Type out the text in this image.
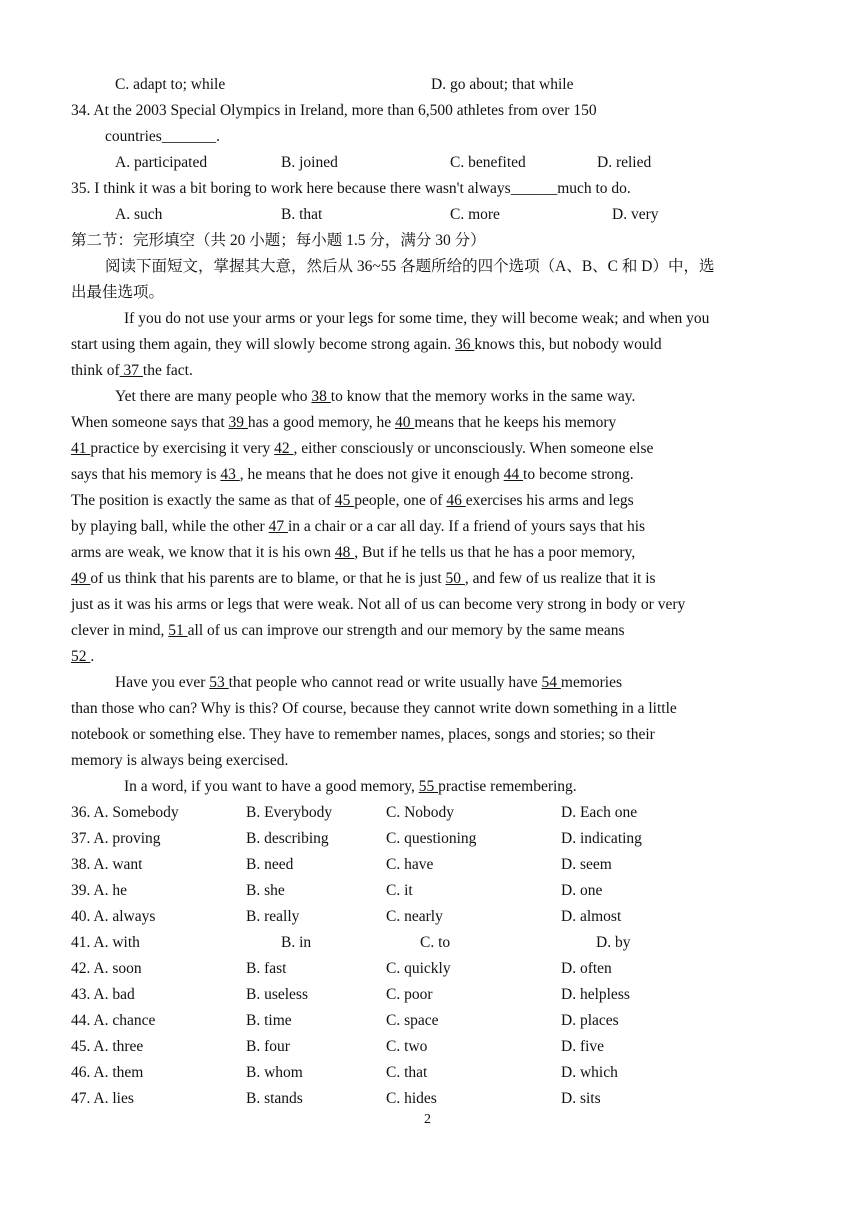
C. adapt to; while	D. go about; that while
34. At the 2003 Special Olympics in Ireland, more than 6,500 athletes from over 150
countries_______.
A. participated	B. joined	C. benefited	D. relied
35. I think it was a bit boring to work here because there wasn't always______much to do.
A. such	B. that	C. more	D. very
第二节：完形填空（共 20 小题；每小题 1.5 分，满分 30 分）
阅读下面短文，掌握其大意，然后从 36~55 各题所给的四个选项（A、B、C 和 D）中，选
出最佳选项。
If you do not use your arms or your legs for some time, they will become weak; and when you
start using them again, they will slowly become strong again. 36 knows this, but nobody would
think of 37 the fact.
Yet there are many people who 38 to know that the memory works in the same way.
When someone says that 39 has a good memory, he 40 means that he keeps his memory
41 practice by exercising it very 42 , either consciously or unconsciously. When someone else
says that his memory is 43 , he means that he does not give it enough 44 to become strong.
The position is exactly the same as that of 45 people, one of 46 exercises his arms and legs
by playing ball, while the other 47 in a chair or a car all day. If a friend of yours says that his
arms are weak, we know that it is his own 48 , But if he tells us that he has a poor memory,
49 of us think that his parents are to blame, or that he is just 50 , and few of us realize that it is
just as it was his arms or legs that were weak. Not all of us can become very strong in body or very
clever in mind, 51 all of us can improve our strength and our memory by the same means
52 .
Have you ever 53 that people who cannot read or write usually have 54 memories
than those who can? Why is this? Of course, because they cannot write down something in a little
notebook or something else. They have to remember names, places, songs and stories; so their
memory is always being exercised.
In a word, if you want to have a good memory, 55 practise remembering.
36. A. Somebody	B. Everybody	C. Nobody	D. Each one
37. A. proving	B. describing	C. questioning	D. indicating
38. A. want	B. need	C. have	D. seem
39. A. he	B. she	C. it	D. one
40. A. always	B. really	C. nearly	D. almost
41. A. with	B. in	C. to	D. by
42. A. soon	B. fast	C. quickly	D. often
43. A. bad	B. useless	C. poor	D. helpless
44. A. chance	B. time	C. space	D. places
45. A. three	B. four	C. two	D. five
46. A. them	B. whom	C. that	D. which
47. A. lies	B. stands	C. hides	D. sits
2
